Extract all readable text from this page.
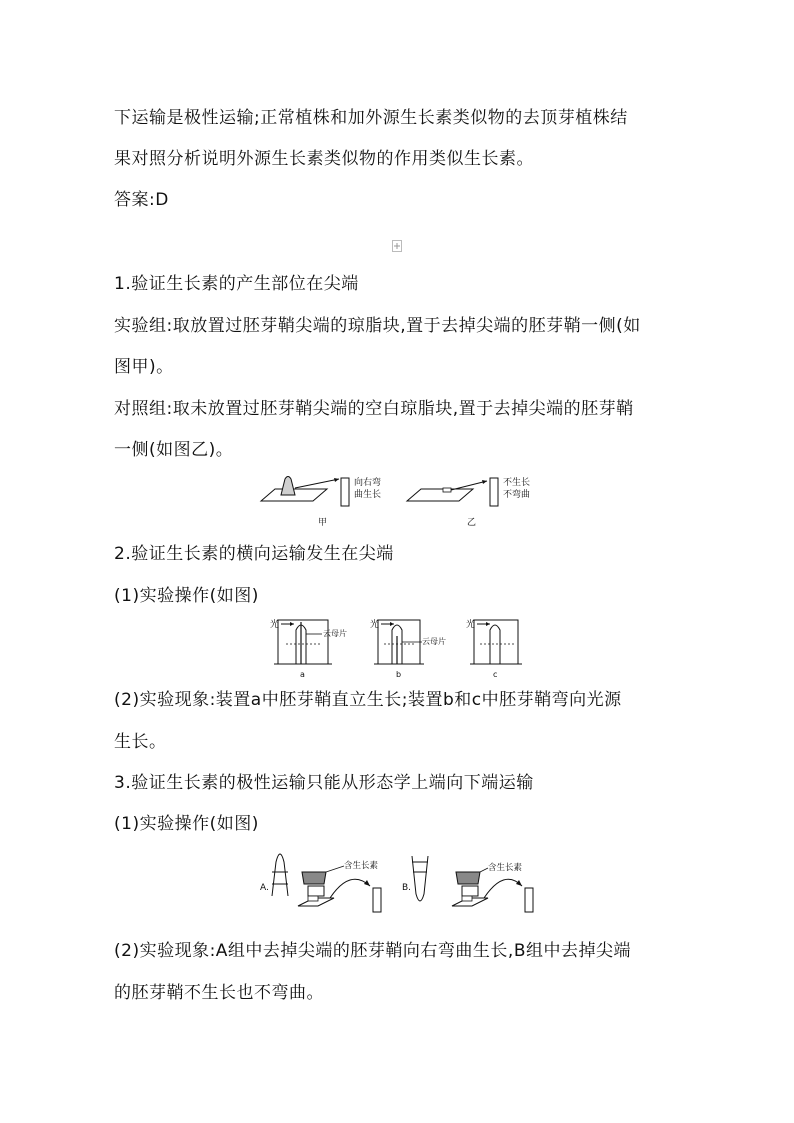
下运输是极性运输;正常植株和加外源生长素类似物的去顶芽植株结
果对照分析说明外源生长素类似物的作用类似生长素。
答案:D
1.验证生长素的产生部位在尖端
实验组:取放置过胚芽鞘尖端的琼脂块,置于去掉尖端的胚芽鞘一侧(如
图甲)。
对照组:取未放置过胚芽鞘尖端的空白琼脂块,置于去掉尖端的胚芽鞘
一侧(如图乙)。
向右弯
曲生长
甲
不生长
不弯曲
乙
2.验证生长素的横向运输发生在尖端
(1)实验操作(如图)
光
云母片
a
光
云母片
b
光
c
(2)实验现象:装置a中胚芽鞘直立生长;装置b和c中胚芽鞘弯向光源
生长。
3.验证生长素的极性运输只能从形态学上端向下端运输
(1)实验操作(如图)
A.
含生长素
B.
含生长素
(2)实验现象:A组中去掉尖端的胚芽鞘向右弯曲生长,B组中去掉尖端
的胚芽鞘不生长也不弯曲。
